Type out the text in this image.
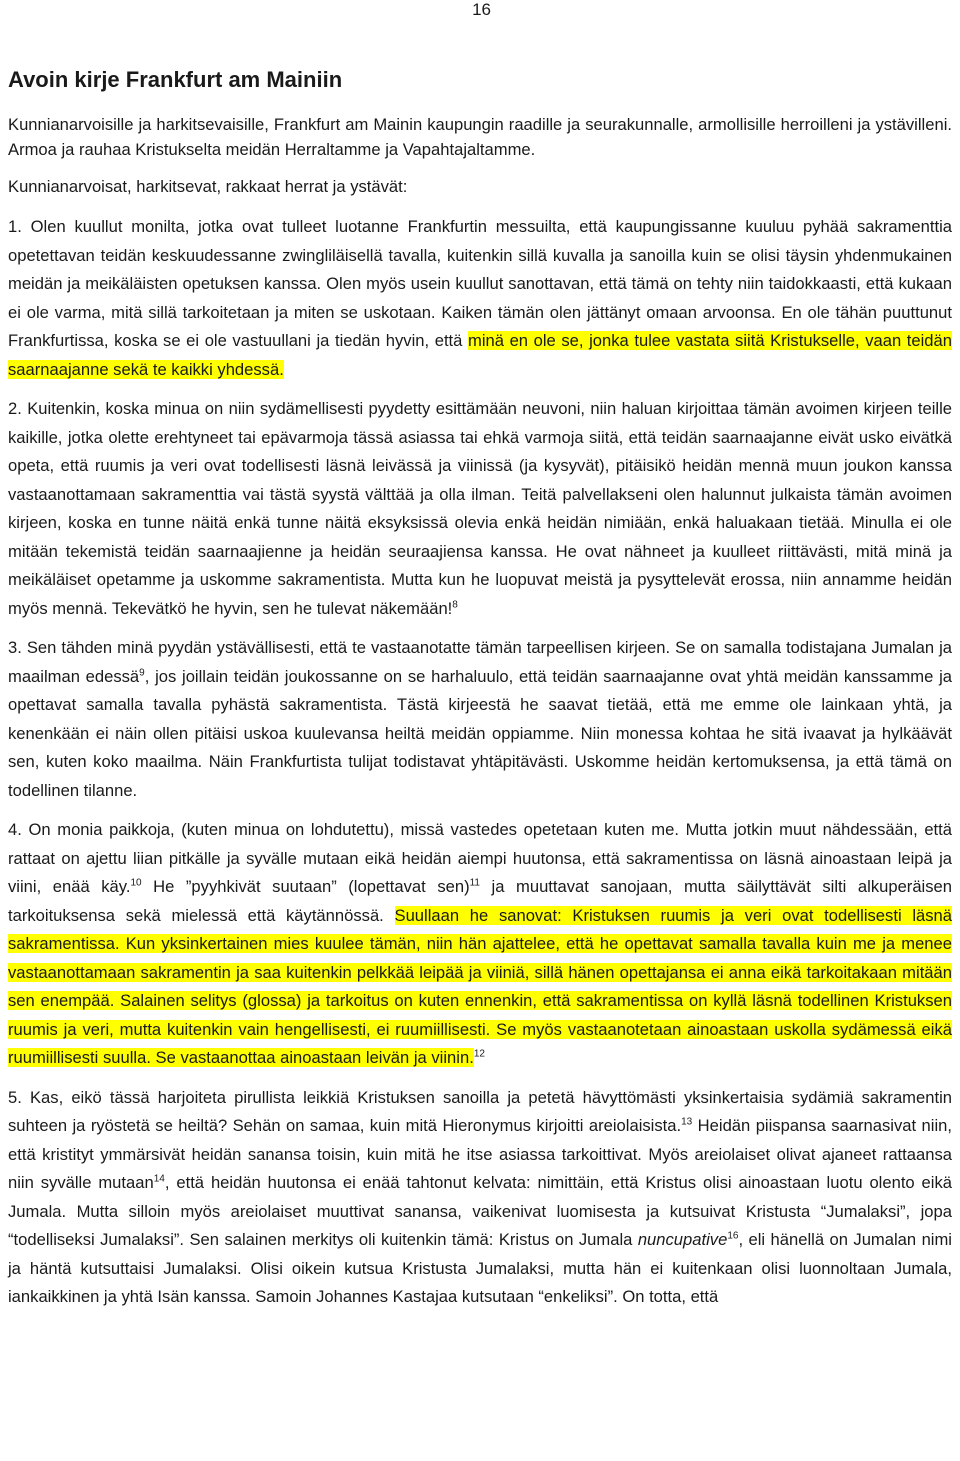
16
Avoin kirje Frankfurt am Mainiin

Kunnianarvoisille ja harkitsevaisille, Frankfurt am Mainin kaupungin raadille ja seurakunnalle, armollisille herroilleni ja ystävilleni. Armoa ja rauhaa Kristukselta meidän Herraltamme ja Vapahtajaltamme.

Kunnianarvoisat, harkitsevat, rakkaat herrat ja ystävät:

1. Olen kuullut monilta, jotka ovat tulleet luotanne Frankfurtin messuilta, että kaupungissanne kuuluu pyhää sakramenttia opetettavan teidän keskuudessanne zwingliläisellä tavalla, kuitenkin sillä kuvalla ja sanoilla kuin se olisi täysin yhdenmukainen meidän ja meikäläisten opetuksen kanssa. Olen myös usein kuullut sanottavan, että tämä on tehty niin taidokkaasti, että kukaan ei ole varma, mitä sillä tarkoitetaan ja miten se uskotaan. Kaiken tämän olen jättänyt omaan arvoonsa. En ole tähän puuttunut Frankfurtissa, koska se ei ole vastuullani ja tiedän hyvin, että minä en ole se, jonka tulee vastata siitä Kristukselle, vaan teidän saarnaajanne sekä te kaikki yhdessä.

2. Kuitenkin, koska minua on niin sydämellisesti pyydetty esittämään neuvoni, niin haluan kirjoittaa tämän avoimen kirjeen teille kaikille, jotka olette erehtyneet tai epävarmoja tässä asiassa tai ehkä varmoja siitä, että teidän saarnaajanne eivät usko eivätkä opeta, että ruumis ja veri ovat todellisesti läsnä leivässä ja viinissä (ja kysyvät), pitäisikö heidän mennä muun joukon kanssa vastaanottamaan sakramenttia vai tästä syystä välttää ja olla ilman. Teitä palvellakseni olen halunnut julkaista tämän avoimen kirjeen, koska en tunne näitä enkä tunne näitä eksyksissä olevia enkä heidän nimiään, enkä haluakaan tietää. Minulla ei ole mitään tekemistä teidän saarnaajienne ja heidän seuraajiensa kanssa. He ovat nähneet ja kuulleet riittävästi, mitä minä ja meikäläiset opetamme ja uskomme sakramentista. Mutta kun he luopuvat meistä ja pysyttelevät erossa, niin annamme heidän myös mennä. Tekevätkö he hyvin, sen he tulevat näkemään!$^8$

3. Sen tähden minä pyydän ystävällisesti, että te vastaanotatte tämän tarpeellisen kirjeen. Se on samalla todistajana Jumalan ja maailman edessä$^9$, jos joillain teidän joukossanne on se harhaluulo, että teidän saarnaajanne ovat yhtä meidän kanssamme ja opettavat samalla tavalla pyhästä sakramentista. Tästä kirjeestä he saavat tietää, että me emme ole lainkaan yhtä, ja kenenkään ei näin ollen pitäisi uskoa kuulevansa heiltä meidän oppiamme. Niin monessa kohtaa he sitä ivaavat ja hylkäävät sen, kuten koko maailma. Näin Frankfurtista tulijat todistavat yhtäpitävästi. Uskomme heidän kertomuksensa, ja että tämä on todellinen tilanne.

4. On monia paikkoja, (kuten minua on lohdutettu), missä vastedes opetetaan kuten me. Mutta jotkin muut nähdessään, että rattaat on ajettu liian pitkälle ja syvälle mutaan eikä heidän aiempi huutonsa, että sakramentissa on läsnä ainoastaan leipä ja viini, enää käy.$^{10}$ He ”pyyhkivät suutaan” (lopettavat sen)$^{11}$ ja muuttavat sanojaan, mutta säilyttävät silti alkuperäisen tarkoituksensa sekä mielessä että käytännössä. Suullaan he sanovat: Kristuksen ruumis ja veri ovat todellisesti läsnä sakramentissa. Kun yksinkertainen mies kuulee tämän, niin hän ajattelee, että he opettavat samalla tavalla kuin me ja menee vastaanottamaan sakramentin ja saa kuitenkin pelkkää leipää ja viiniä, sillä hänen opettajansa ei anna eikä tarkoitakaan mitään sen enempää. Salainen selitys (glossa) ja tarkoitus on kuten ennenkin, että sakramentissa on kyllä läsnä todellinen Kristuksen ruumis ja veri, mutta kuitenkin vain hengellisesti, ei ruumiillisesti. Se myös vastaanotetaan ainoastaan uskolla sydämessä eikä ruumiillisesti suulla. Se vastaanottaa ainoastaan leivän ja viinin.$^{12}$

5. Kas, eikö tässä harjoiteta pirullista leikkiä Kristuksen sanoilla ja petetä hävyttömästi yksinkertaisia sydämiä sakramentin suhteen ja ryöstetä se heiltä? Sehän on samaa, kuin mitä Hieronymus kirjoitti areiolaisista.$^{13}$ Heidän piispansa saarnasivat niin, että kristityt ymmärsivät heidän sanansa toisin, kuin mitä he itse asiassa tarkoittivat. Myös areiolaiset olivat ajaneet rattaansa niin syvälle mutaan$^{14}$, että heidän huutonsa ei enää tahtonut kelvata: nimittäin, että Kristus olisi ainoastaan luotu olento eikä Jumala. Mutta silloin myös areiolaiset muuttivat sanansa, vaikenivat luomisesta ja kutsuivat Kristusta “Jumalaksi”, jopa “todelliseksi Jumalaksi”. Sen salainen merkitys oli kuitenkin tämä: Kristus on Jumala nuncupative$^{16}$, eli hänellä on Jumalan nimi ja häntä kutsuttaisi Jumalaksi. Olisi oikein kutsua Kristusta Jumalaksi, mutta hän ei kuitenkaan olisi luonnoltaan Jumala, iankaikkinen ja yhtä Isän kanssa. Samoin Johannes Kastajaa kutsutaan “enkeliksi”. On totta, että
